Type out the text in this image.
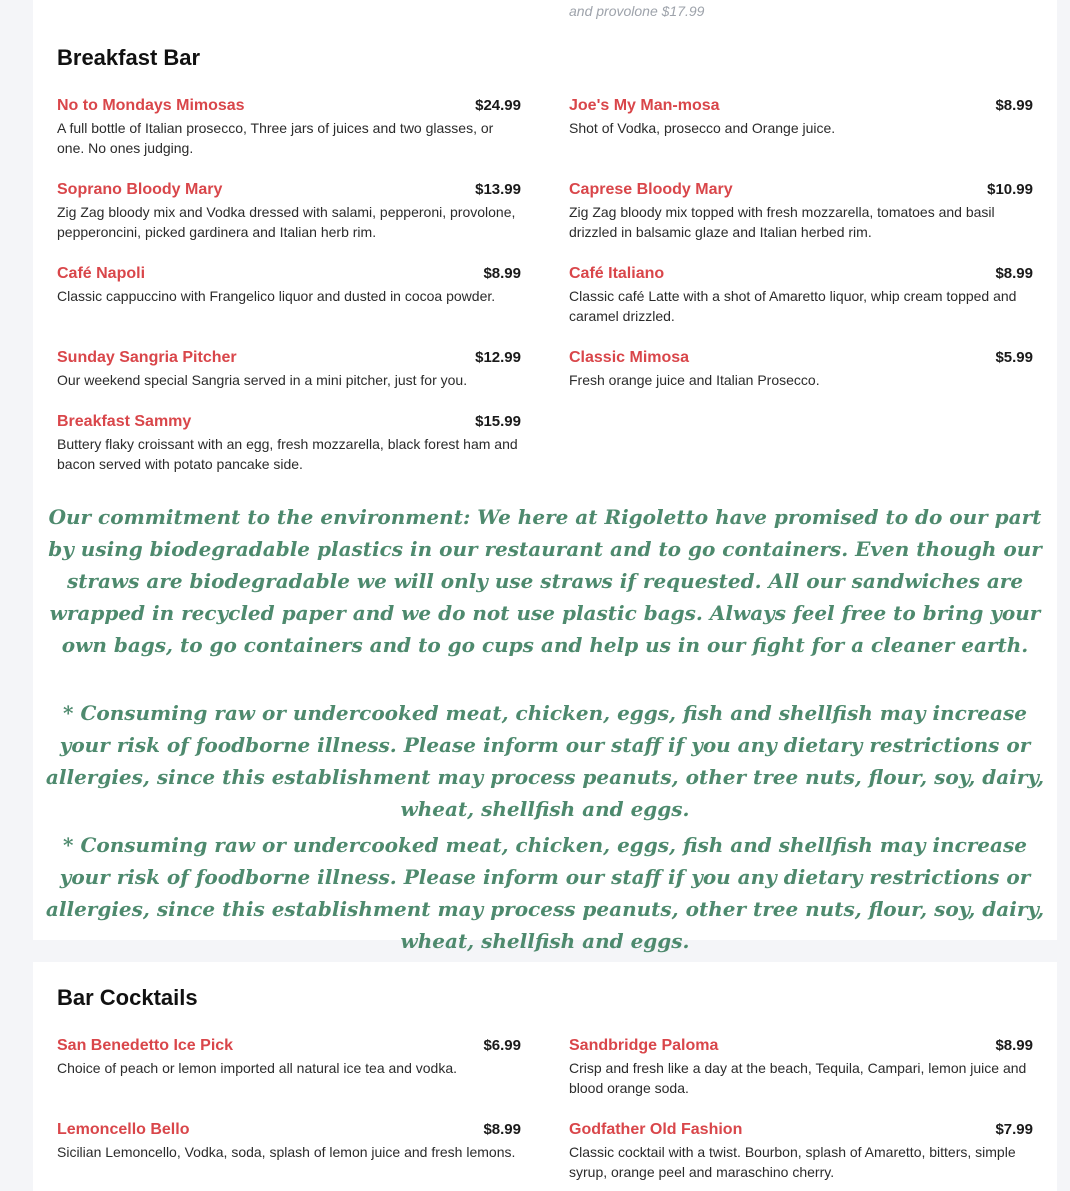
and provolone $17.99
Breakfast Bar
No to Mondays Mimosas	$24.99
A full bottle of Italian prosecco, Three jars of juices and two glasses, or one. No ones judging.
Joe's My Man-mosa	$8.99
Shot of Vodka, prosecco and Orange juice.
Soprano Bloody Mary	$13.99
Zig Zag bloody mix and Vodka dressed with salami, pepperoni, provolone, pepperoncini, picked gardinera and Italian herb rim.
Caprese Bloody Mary	$10.99
Zig Zag bloody mix topped with fresh mozzarella, tomatoes and basil drizzled in balsamic glaze and Italian herbed rim.
Café Napoli	$8.99
Classic cappuccino with Frangelico liquor and dusted in cocoa powder.
Café Italiano	$8.99
Classic café Latte with a shot of Amaretto liquor, whip cream topped and caramel drizzled.
Sunday Sangria Pitcher	$12.99
Our weekend special Sangria served in a mini pitcher, just for you.
Classic Mimosa	$5.99
Fresh orange juice and Italian Prosecco.
Breakfast Sammy	$15.99
Buttery flaky croissant with an egg, fresh mozzarella, black forest ham and bacon served with potato pancake side.

Our commitment to the environment: We here at Rigoletto have promised to do our part by using biodegradable plastics in our restaurant and to go containers. Even though our straws are biodegradable we will only use straws if requested. All our sandwiches are wrapped in recycled paper and we do not use plastic bags. Always feel free to bring your own bags, to go containers and to go cups and help us in our fight for a cleaner earth.

* Consuming raw or undercooked meat, chicken, eggs, fish and shellfish may increase your risk of foodborne illness. Please inform our staff if you any dietary restrictions or allergies, since this establishment may process peanuts, other tree nuts, flour, soy, dairy, wheat, shellfish and eggs.

* Consuming raw or undercooked meat, chicken, eggs, fish and shellfish may increase your risk of foodborne illness. Please inform our staff if you any dietary restrictions or allergies, since this establishment may process peanuts, other tree nuts, flour, soy, dairy, wheat, shellfish and eggs.

Bar Cocktails
San Benedetto Ice Pick	$6.99
Choice of peach or lemon imported all natural ice tea and vodka.
Sandbridge Paloma	$8.99
Crisp and fresh like a day at the beach, Tequila, Campari, lemon juice and blood orange soda.
Lemoncello Bello	$8.99
Sicilian Lemoncello, Vodka, soda, splash of lemon juice and fresh lemons.
Godfather Old Fashion	$7.99
Classic cocktail with a twist. Bourbon, splash of Amaretto, bitters, simple syrup, orange peel and maraschino cherry.
